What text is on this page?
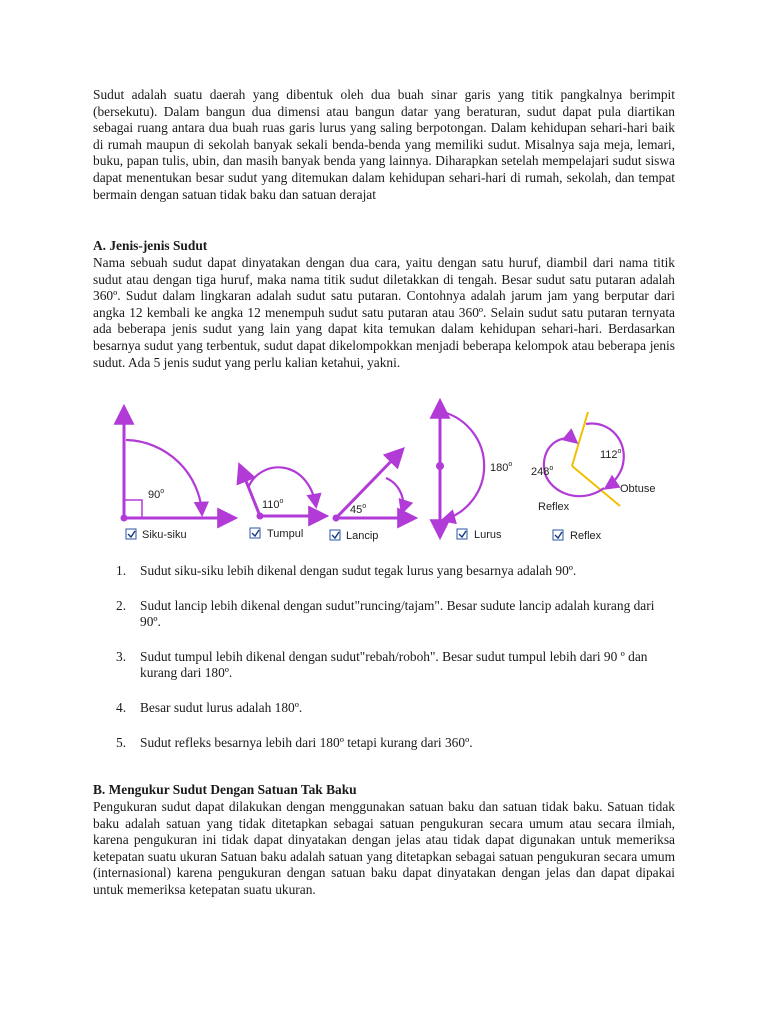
Sudut adalah suatu daerah yang dibentuk oleh dua buah sinar garis yang titik pangkalnya berimpit (bersekutu). Dalam bangun dua dimensi atau bangun datar yang beraturan, sudut dapat pula diartikan sebagai ruang antara dua buah ruas garis lurus yang saling berpotongan. Dalam kehidupan sehari-hari baik di rumah maupun di sekolah banyak sekali benda-benda yang memiliki sudut. Misalnya saja meja, lemari, buku, papan tulis, ubin, dan masih banyak benda yang lainnya. Diharapkan setelah mempelajari sudut siswa dapat menentukan besar sudut yang ditemukan dalam kehidupan sehari-hari di rumah, sekolah, dan tempat bermain dengan satuan tidak baku dan satuan derajat

A. Jenis-jenis Sudut

Nama sebuah sudut dapat dinyatakan dengan dua cara, yaitu dengan satu huruf, diambil dari nama titik sudut atau dengan tiga huruf, maka nama titik sudut diletakkan di tengah. Besar sudut satu putaran adalah 360º. Sudut dalam lingkaran adalah sudut satu putaran. Contohnya adalah jarum jam yang berputar dari angka 12 kembali ke angka 12 menempuh sudut satu putaran atau 360º. Selain sudut satu putaran ternyata ada beberapa jenis sudut yang lain yang dapat kita temukan dalam kehidupan sehari-hari. Berdasarkan besarnya sudut yang terbentuk, sudut dapat dikelompokkan menjadi beberapa kelompok atau beberapa jenis sudut. Ada 5 jenis sudut yang perlu kalian ketahui, yakni.

90$^o$
110$^o$
45$^o$
180$^o$
248$^o$
112$^o$
Obtuse
Reflex
Siku-siku	Tumpul	Lancip	Lurus	Reflex
1. Sudut siku-siku lebih dikenal dengan sudut tegak lurus yang besarnya adalah 90º.
2. Sudut lancip lebih dikenal dengan sudut"runcing/tajam". Besar sudute lancip adalah kurang dari 90º.
3. Sudut tumpul lebih dikenal dengan sudut"rebah/roboh". Besar sudut tumpul lebih dari 90 º dan kurang dari 180º.
4. Besar sudut lurus adalah 180º.
5. Sudut refleks besarnya lebih dari 180º tetapi kurang dari 360º.
B. Mengukur Sudut Dengan Satuan Tak Baku

Pengukuran sudut dapat dilakukan dengan menggunakan satuan baku dan satuan tidak baku. Satuan tidak baku adalah satuan yang tidak ditetapkan sebagai satuan pengukuran secara umum atau secara ilmiah, karena pengukuran ini tidak dapat dinyatakan dengan jelas atau tidak dapat digunakan untuk memeriksa ketepatan suatu ukuran Satuan baku adalah satuan yang ditetapkan sebagai satuan pengukuran secara umum (internasional) karena pengukuran dengan satuan baku dapat dinyatakan dengan jelas dan dapat dipakai untuk memeriksa ketepatan suatu ukuran.
